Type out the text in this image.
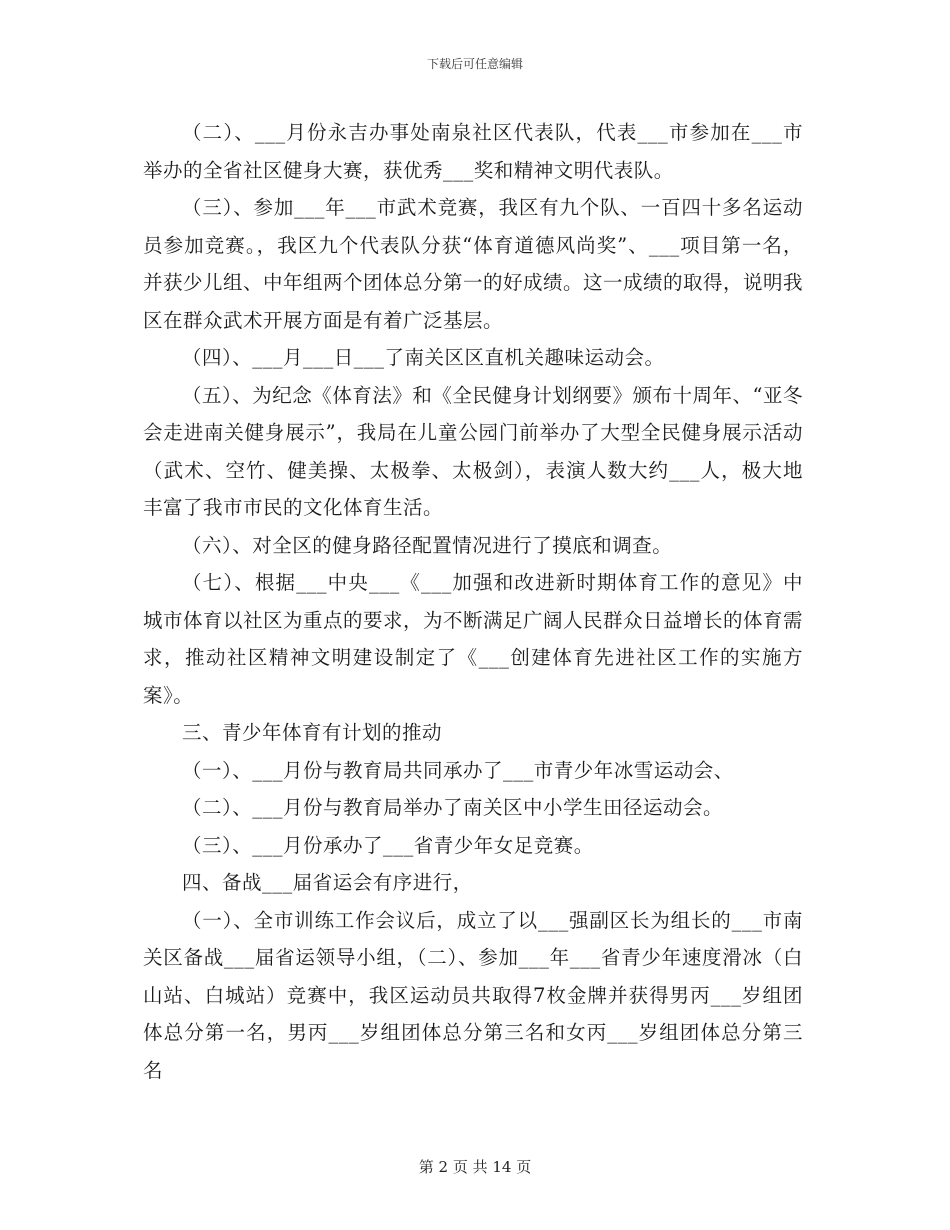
下载后可任意编辑

（二）、___月份永吉办事处南泉社区代表队，代表___市参加在___市举办的全省社区健身大赛，获优秀___奖和精神文明代表队。

（三）、参加___年___市武术竞赛，我区有九个队、一百四十多名运动员参加竞赛。，我区九个代表队分获“体育道德风尚奖”、___项目第一名，并获少儿组、中年组两个团体总分第一的好成绩。这一成绩的取得，说明我区在群众武术开展方面是有着广泛基层。

（四）、___月___日___了南关区区直机关趣味运动会。

（五）、为纪念《体育法》和《全民健身计划纲要》颁布十周年、“亚冬会走进南关健身展示”，我局在儿童公园门前举办了大型全民健身展示活动（武术、空竹、健美操、太极拳、太极剑），表演人数大约___人，极大地丰富了我市市民的文化体育生活。

（六）、对全区的健身路径配置情况进行了摸底和调查。

（七）、根据___中央___《___加强和改进新时期体育工作的意见》中城市体育以社区为重点的要求，为不断满足广阔人民群众日益增长的体育需求，推动社区精神文明建设制定了《___创建体育先进社区工作的实施方案》。

三、青少年体育有计划的推动

（一）、___月份与教育局共同承办了___市青少年冰雪运动会、

（二）、___月份与教育局举办了南关区中小学生田径运动会。

（三）、___月份承办了___省青少年女足竞赛。

四、备战___届省运会有序进行，

（一）、全市训练工作会议后，成立了以___强副区长为组长的___市南关区备战___届省运领导小组，（二）、参加___年___省青少年速度滑冰（白山站、白城站）竞赛中，我区运动员共取得7枚金牌并获得男丙___岁组团体总分第一名，男丙___岁组团体总分第三名和女丙___岁组团体总分第三名

第 2 页 共 14 页
